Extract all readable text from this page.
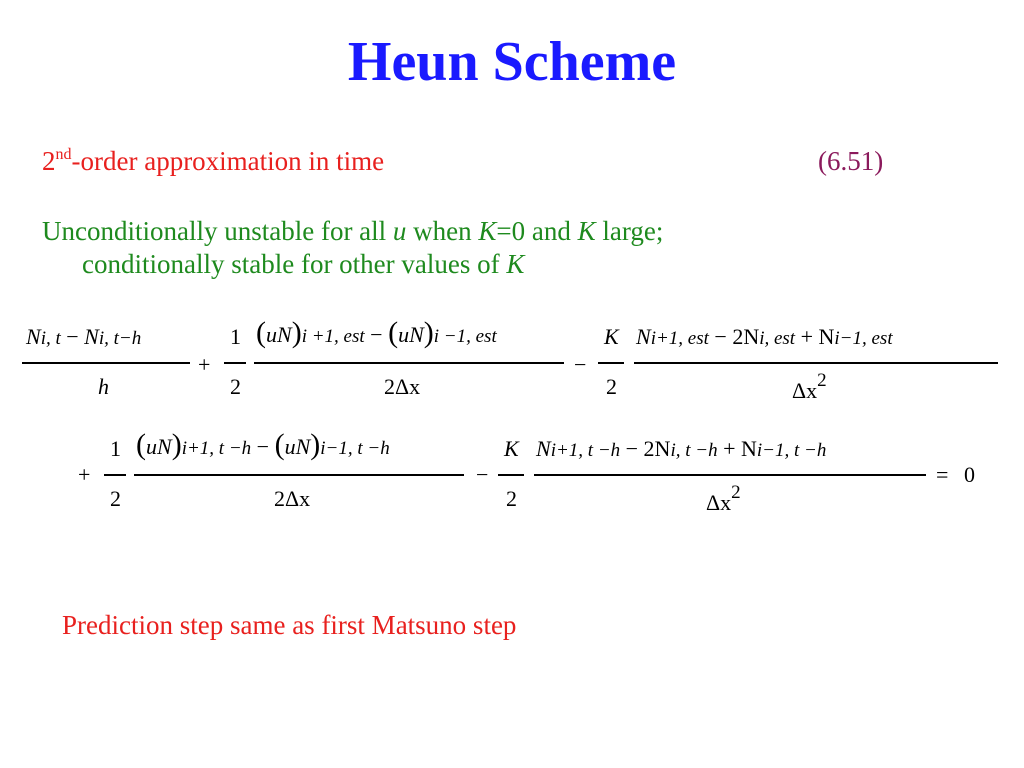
Heun Scheme
2nd-order approximation in time	(6.51)
Unconditionally unstable for all u when K=0 and K large;
conditionally stable for other values of K
Ni, t − Ni, t−h
h
+
1
2
(uN)i +1, est − (uN)i −1, est
2Δx
−
K
2
Ni+1, est − 2Ni, est + Ni−1, est
Δx2
+
1
2
(uN)i+1, t −h − (uN)i−1, t −h
2Δx
−
K
2
Ni+1, t −h − 2Ni, t −h + Ni−1, t −h
Δx2
= 0
Prediction step same as first Matsuno step
